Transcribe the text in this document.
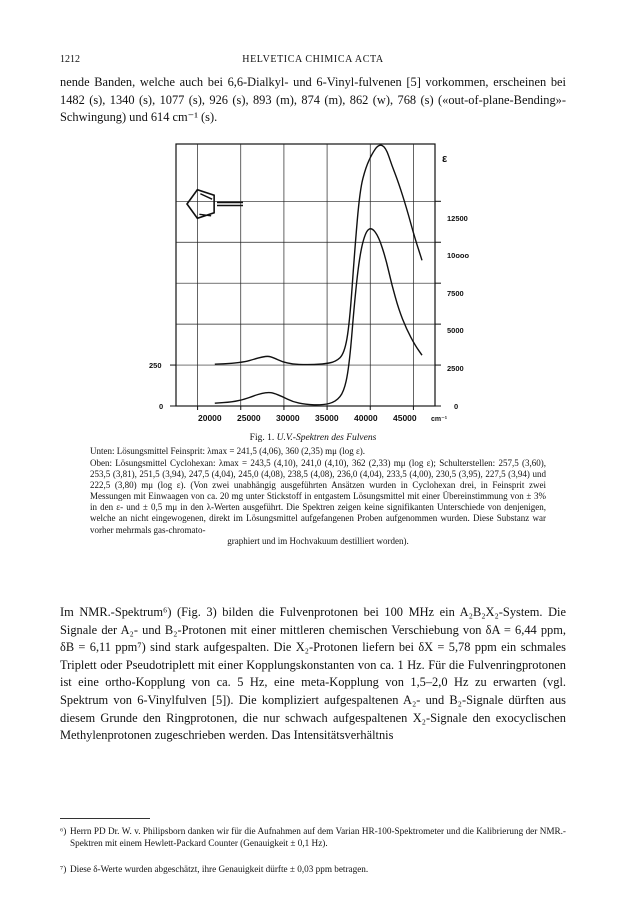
1212	HELVETICA CHIMICA ACTA
nende Banden, welche auch bei 6,6-Dialkyl- und 6-Vinyl-fulvenen [5] vorkommen, erscheinen bei 1482 (s), 1340 (s), 1077 (s), 926 (s), 893 (m), 874 (m), 862 (w), 768 (s) («out-of-plane-Bending»-Schwingung) und 614 cm⁻¹ (s).
ε
250
0
12500
10ooo
7500
5000
2500
0
20000 25000 30000 35000 40000 45000 cm⁻¹
Fig. 1. U.V.-Spektren des Fulvens
Unten: Lösungsmittel Feinsprit: λmax = 241,5 (4,06), 360 (2,35) mμ (log ε).
Oben: Lösungsmittel Cyclohexan: λmax = 243,5 (4,10), 241,0 (4,10), 362 (2,33) mμ (log ε); Schulterstellen: 257,5 (3,60), 253,5 (3,81), 251,5 (3,94), 247,5 (4,04), 245,0 (4,08), 238,5 (4,08), 236,0 (4,04), 233,5 (4,00), 230,5 (3,95), 227,5 (3,94) und 222,5 (3,80) mμ (log ε). (Von zwei unabhängig ausgeführten Ansätzen wurden in Cyclohexan drei, in Feinsprit zwei Messungen mit Einwaagen von ca. 20 mg unter Stickstoff in entgastem Lösungsmittel mit einer Übereinstimmung von ± 3% in den ε- und ± 0,5 mμ in den λ-Werten ausgeführt. Die Spektren zeigen keine signifikanten Unterschiede von denjenigen, welche an nicht eingewogenen, direkt im Lösungsmittel aufgefangenen Proben aufgenommen wurden. Diese Substanz war vorher mehrmals gas-chromato-
graphiert und im Hochvakuum destilliert worden).
Im NMR.-Spektrum⁶) (Fig. 3) bilden die Fulvenprotonen bei 100 MHz ein A₂B₂X₂-System. Die Signale der A₂- und B₂-Protonen mit einer mittleren chemischen Verschiebung von δA = 6,44 ppm, δB = 6,11 ppm⁷) sind stark aufgespalten. Die X₂-Protonen liefern bei δX = 5,78 ppm ein schmales Triplett oder Pseudotriplett mit einer Kopplungskonstanten von ca. 1 Hz. Für die Fulvenringprotonen ist eine ortho-Kopplung von ca. 5 Hz, eine meta-Kopplung von 1,5–2,0 Hz zu erwarten (vgl. Spektrum von 6-Vinylfulven [5]). Die kompliziert aufgespaltenen A₂- und B₂-Signale dürften aus diesem Grunde den Ringprotonen, die nur schwach aufgespaltenen X₂-Signale den exocyclischen Methylenprotonen zugeschrieben werden. Das Intensitätsverhältnis
⁶) Herrn PD Dr. W. v. Philipsborn danken wir für die Aufnahmen auf dem Varian HR-100-Spektrometer und die Kalibrierung der NMR.-Spektren mit einem Hewlett-Packard Counter (Genauigkeit ± 0,1 Hz).
⁷) Diese δ-Werte wurden abgeschätzt, ihre Genauigkeit dürfte ± 0,03 ppm betragen.
